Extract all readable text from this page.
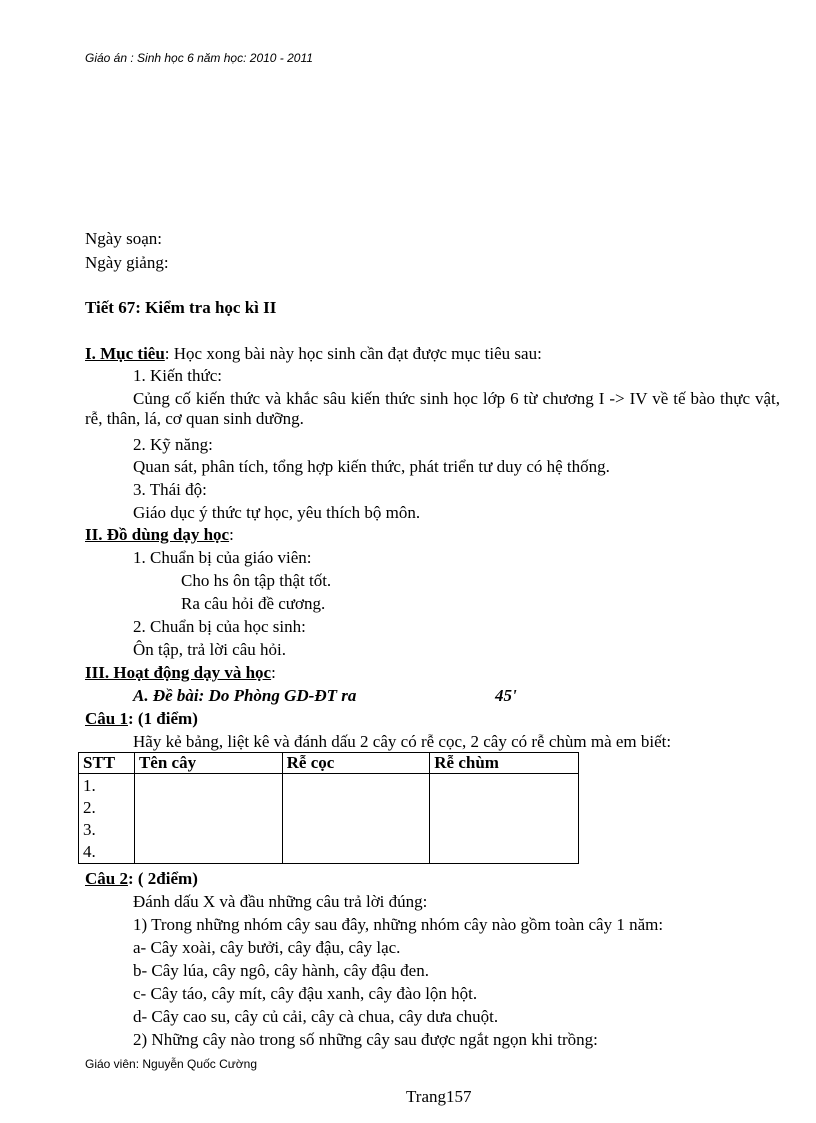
Giáo án : Sinh học 6 năm học: 2010 - 2011
Ngày soạn:
Ngày giảng:
Tiết 67: Kiểm tra học kì II
I. Mục tiêu: Học xong bài này học sinh cần đạt được mục tiêu sau:
1. Kiến thức:
Củng cố kiến thức và khắc sâu kiến thức sinh học lớp 6 từ chương I -> IV về tế bào thực vật, rễ, thân, lá, cơ quan sinh dưỡng.
2. Kỹ năng:
Quan sát, phân tích, tổng hợp kiến thức, phát triển tư duy có hệ thống.
3. Thái độ:
Giáo dục ý thức tự học, yêu thích bộ môn.
II. Đồ dùng dạy học:
1. Chuẩn bị của giáo viên:
Cho hs ôn tập thật tốt.
Ra câu hỏi đề cương.
2. Chuẩn bị của học sinh:
Ôn tập, trả lời câu hỏi.
III. Hoạt động dạy và học:
A. Đề bài: Do Phòng GD-ĐT ra	45'
Câu 1: (1 điểm)
Hãy kẻ bảng, liệt kê và đánh dấu 2 cây có rễ cọc, 2 cây có rễ chùm mà em biết:
STT	Tên cây	Rễ cọc	Rễ chùm

1.
2.
3.
4.			

Câu 2: ( 2điểm)
Đánh dấu X và đầu những câu trả lời đúng:
1) Trong những nhóm cây sau đây, những nhóm cây nào gồm toàn cây 1 năm:
a- Cây xoài, cây bưởi, cây đậu, cây lạc.
b- Cây lúa, cây ngô, cây hành, cây đậu đen.
c- Cây táo, cây mít, cây đậu xanh, cây đào lộn hột.
d- Cây cao su, cây củ cải, cây cà chua, cây dưa chuột.
2) Những cây nào trong số những cây sau được ngắt ngọn khi trồng:
Giáo viên: Nguyễn Quốc Cường
Trang157
